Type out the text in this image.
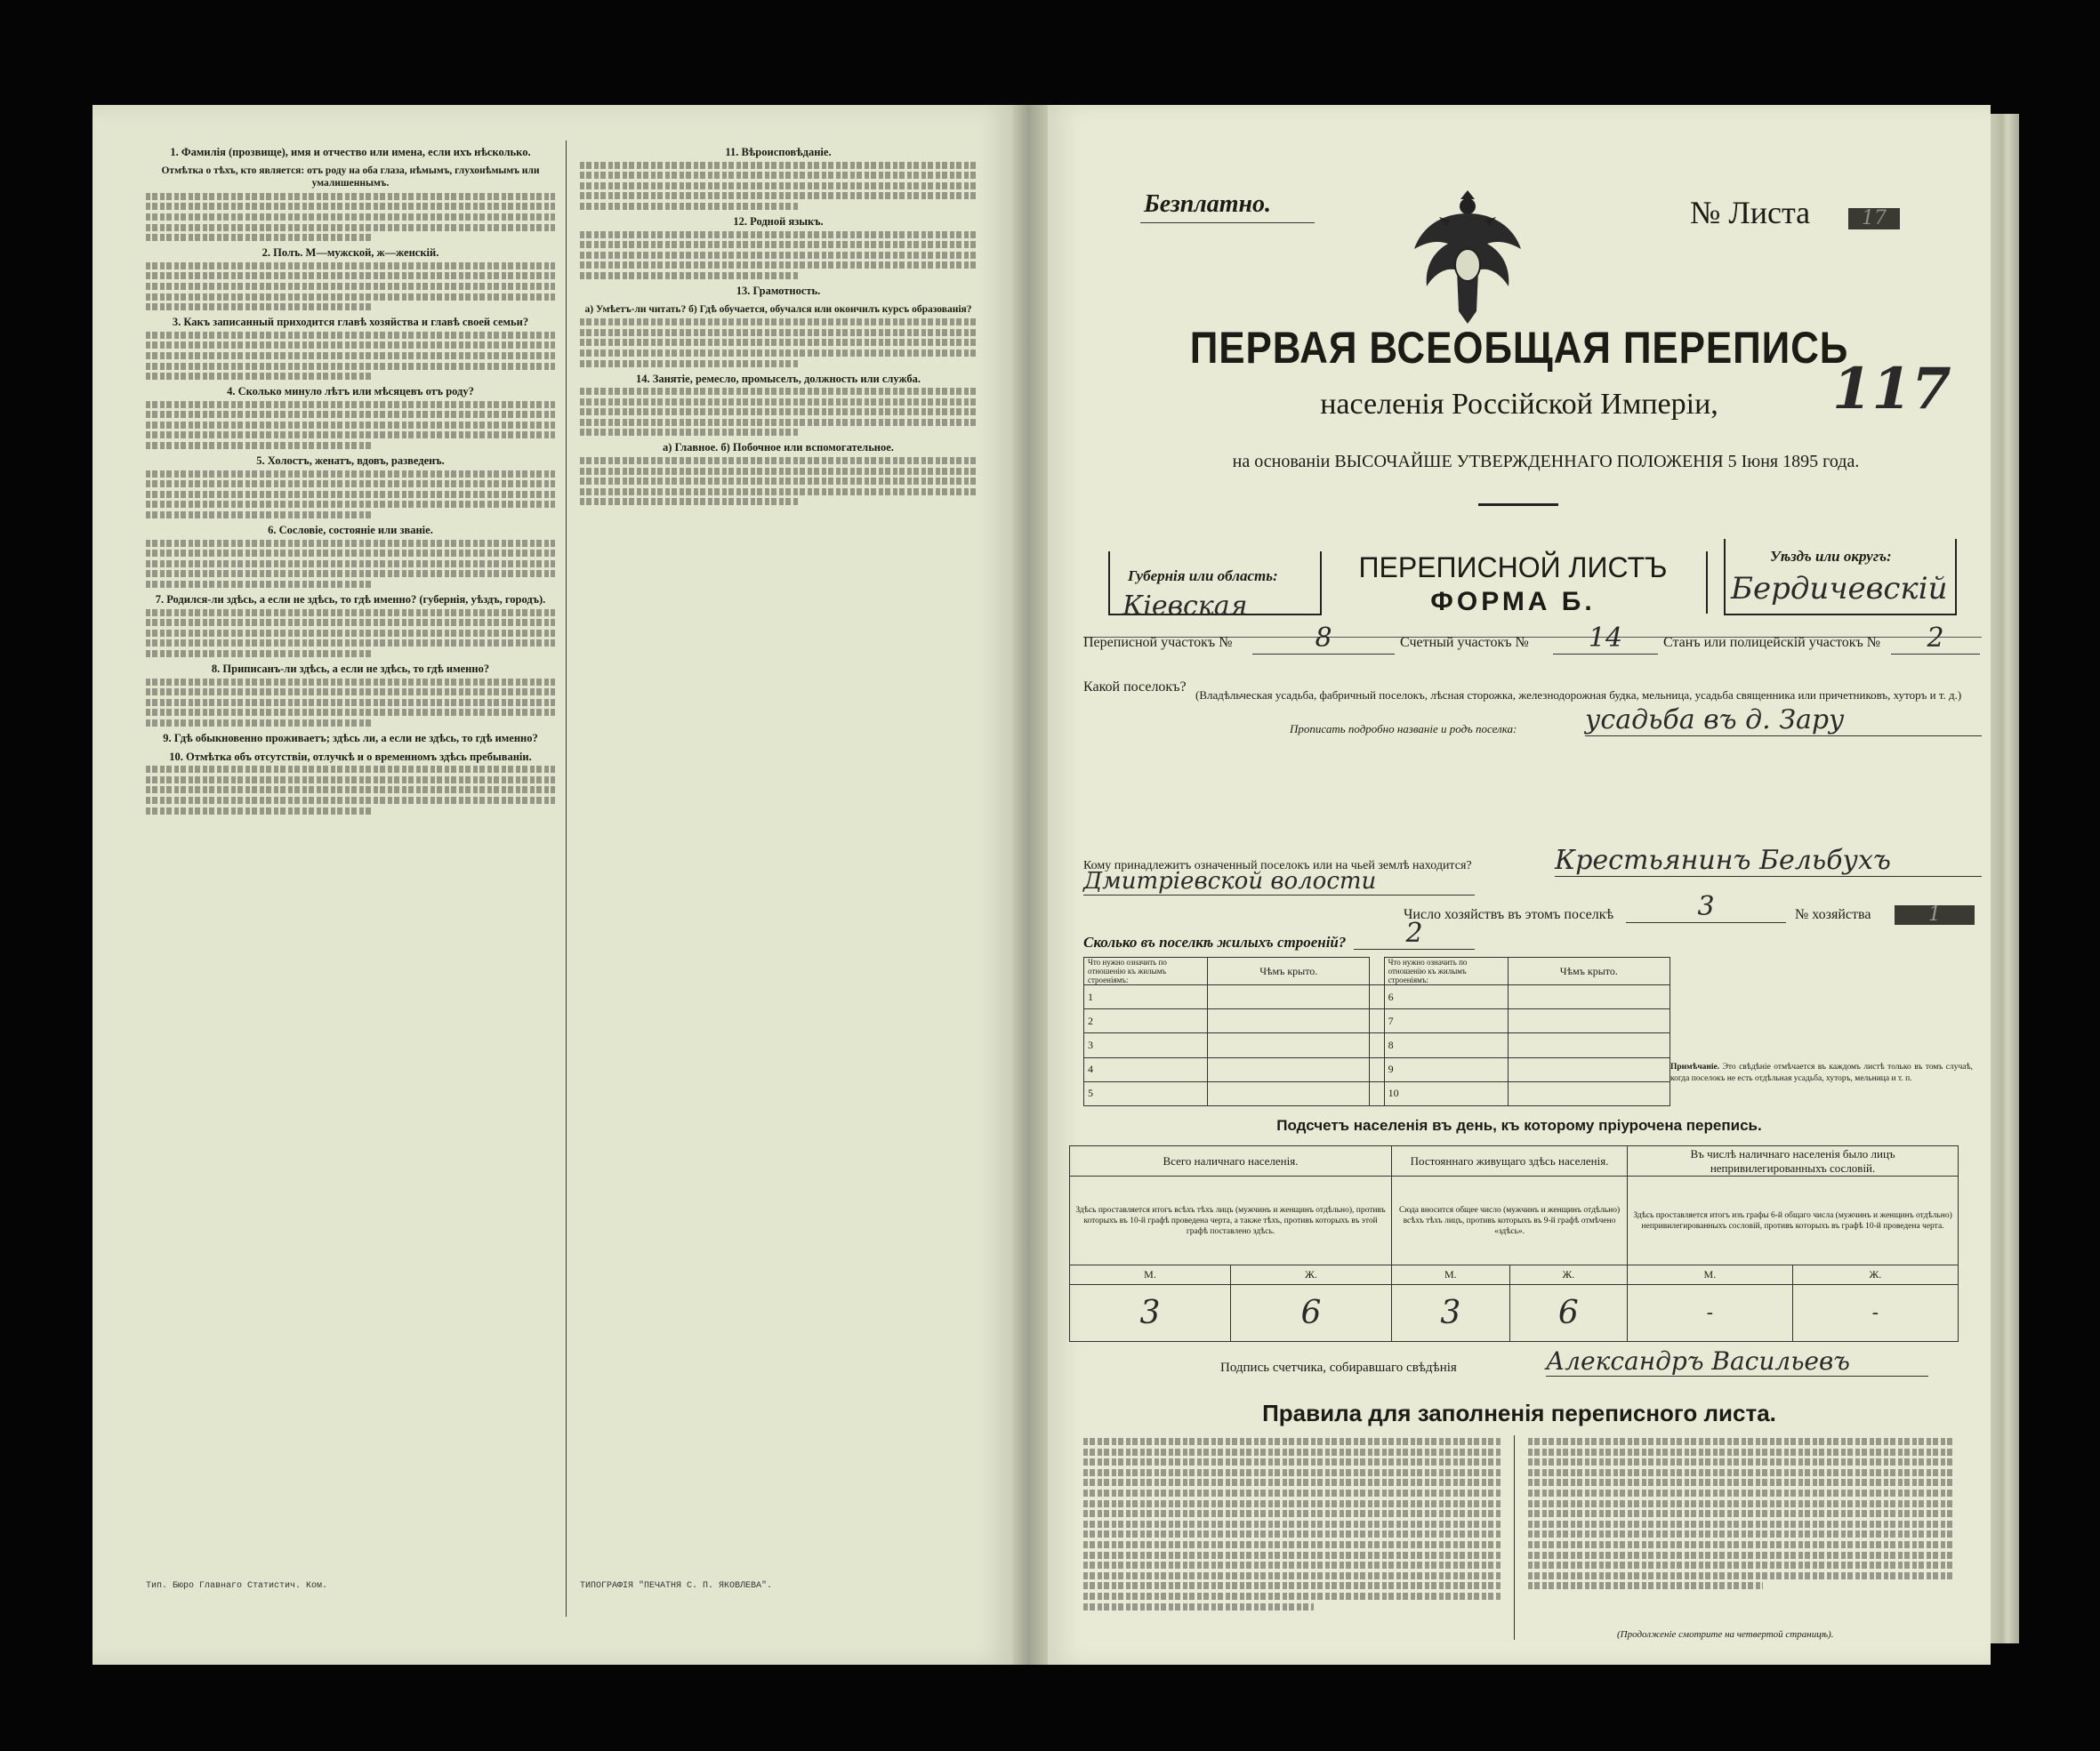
1. Фамилія (прозвище), имя и отчество или имена, если ихъ нѣсколько.
Отмѣтка о тѣхъ, кто является: отъ роду на оба глаза, нѣмымъ, глухонѣмымъ или умалишеннымъ.
2. Полъ. М—мужской, ж—женскій.
3. Какъ записанный приходится главѣ хозяйства и главѣ своей семьи?
4. Сколько минуло лѣтъ или мѣсяцевъ отъ роду?
5. Холостъ, женатъ, вдовъ, разведенъ.
6. Сословіе, состояніе или званіе.
7. Родился-ли здѣсь, а если не здѣсь, то гдѣ именно? (губернія, уѣздъ, городъ).
8. Приписанъ-ли здѣсь, а если не здѣсь, то гдѣ именно?
9. Гдѣ обыкновенно проживаетъ; здѣсь ли, а если не здѣсь, то гдѣ именно?
10. Отмѣтка объ отсутствіи, отлучкѣ и о временномъ здѣсь пребываніи.
11. Вѣроисповѣданіе.
12. Родной языкъ.
13. Грамотность.
а) Умѣетъ-ли читать? б) Гдѣ обучается, обучался или окончилъ курсъ образованія?
14. Занятіе, ремесло, промыселъ, должность или служба.
а) Главное. б) Побочное или вспомогательное.
Тип. Бюро Главнаго Статистич. Ком.	ТИПОГРАФІЯ "ПЕЧАТНЯ С. П. ЯКОВЛЕВА".
Безплатно.	№ Листа	17
ПЕРВАЯ ВСЕОБЩАЯ ПЕРЕПИСЬ
населенія Россійской Имперіи,
на основаніи ВЫСОЧАЙШЕ УТВЕРЖДЕННАГО ПОЛОЖЕНІЯ 5 Іюня 1895 года.
117
Губернія или область:
Кіевская
ПЕРЕПИСНОЙ ЛИСТЪ
ФОРМА Б.
Уѣздъ или округъ:
Бердичевскій
Переписной участокъ №	8	Счетный участокъ №	14	Станъ или полицейскій участокъ №	2
Какой поселокъ?
(Владѣльческая усадьба, фабричный поселокъ, лѣсная сторожка, железнодорожная будка, мельница, усадьба священника или причетниковъ, хуторъ и т. д.)
Прописать подробно названіе и родъ поселка:	усадьба въ д. Зару
Кому принадлежитъ означенный поселокъ или на чьей землѣ находится?	Крестьянинъ Бельбухъ
Дмитріевской волости
Число хозяйствъ въ этомъ поселкѣ	3	№ хозяйства	1
Сколько въ поселкѣ жилыхъ строеній?	2
Что нужно означить по отношенію къ жилымъ строеніямъ:	Чѣмъ крыто.		Что нужно означить по отношенію къ жилымъ строеніямъ:	Чѣмъ крыто.
1			6	
2			7	
3			8	
4			9	
5			10	
Примѣчаніе. Это свѣдѣніе отмѣчается въ каждомъ листѣ только въ томъ случаѣ, когда поселокъ не есть отдѣльная усадьба, хуторъ, мельница и т. п.
Подсчетъ населенія въ день, къ которому пріурочена перепись.
Всего наличнаго населенія.		Постояннаго живущаго здѣсь населенія.		Въ числѣ наличнаго населенія было лицъ непривилегированныхъ сословій.	
Здѣсь проставляется итогъ всѣхъ тѣхъ лицъ (мужчинъ и женщинъ отдѣльно), противъ которыхъ въ 10-й графѣ проведена черта, а также тѣхъ, противъ которыхъ въ этой графѣ поставлено здѣсь.		Сюда вносится общее число (мужчинъ и женщинъ отдѣльно) всѣхъ тѣхъ лицъ, противъ которыхъ въ 9-й графѣ отмѣчено «здѣсь».		Здѣсь проставляется итогъ изъ графы 6-й общаго числа (мужчинъ и женщинъ отдѣльно) непривилегированныхъ сословій, противъ которыхъ въ графѣ 10-й проведена черта.	
М.	Ж.	М.	Ж.	М.	Ж.
3	6	3	6	-	-
Подпись счетчика, собиравшаго свѣдѣнія	Александръ Васильевъ
Правила для заполненія переписного листа.
(Продолженіе смотрите на четвертой страницѣ).
